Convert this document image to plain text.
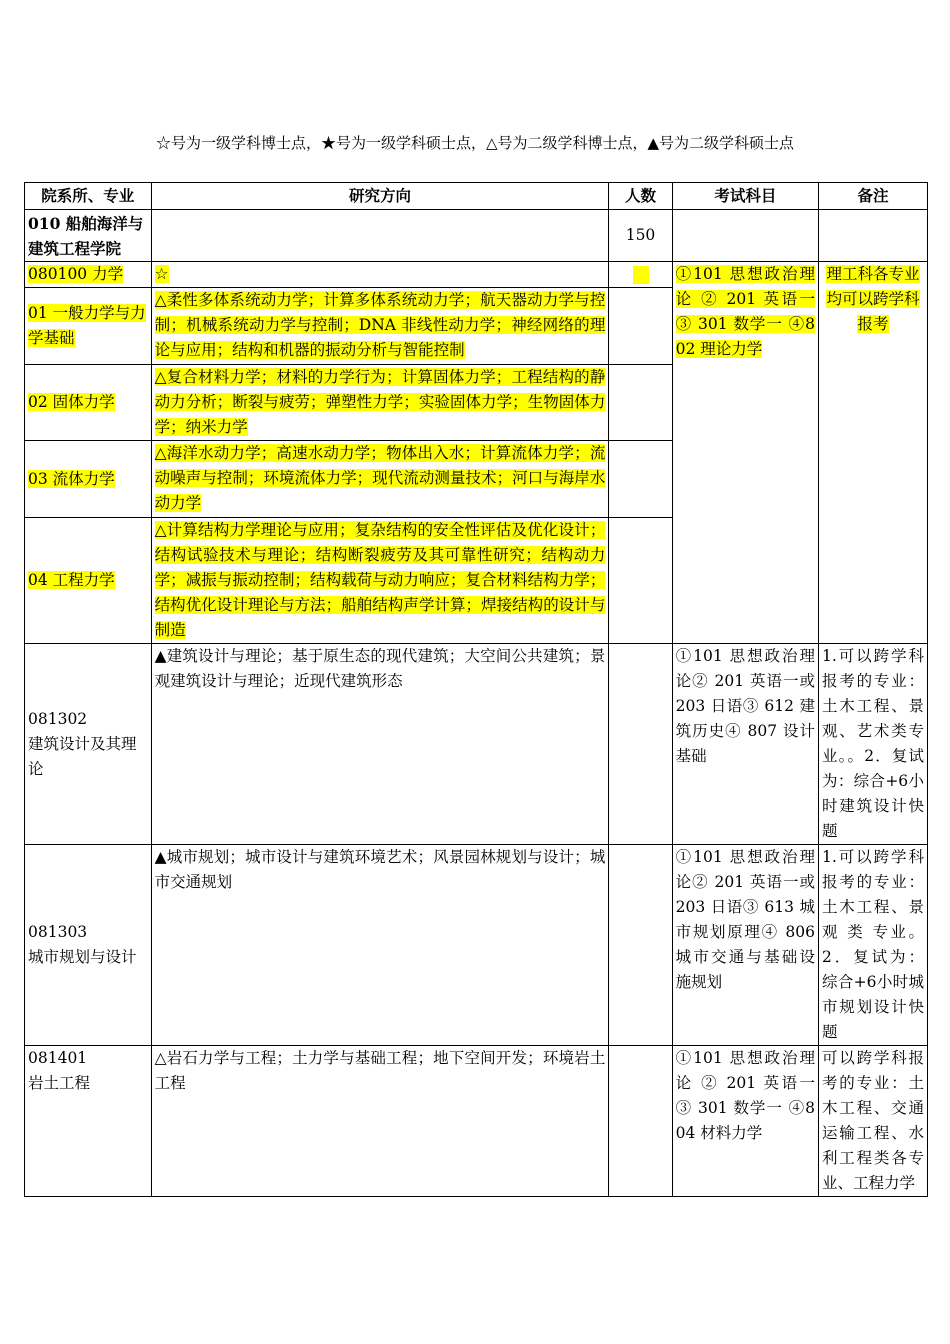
☆号为一级学科博士点，★号为一级学科硕士点，△号为二级学科博士点，▲号为二级学科硕士点
院系所、专业	研究方向	人数	考试科目	备注
010 船舶海洋与建筑工程学院		150		
080100 力学	☆		①101 思想政治理论 ② 201 英语一 ③ 301 数学一 ④802 理论力学	理工科各专业均可以跨学科报考
01 一般力学与力学基础	△柔性多体系统动力学；计算多体系统动力学；航天器动力学与控制；机械系统动力学与控制；DNA 非线性动力学；神经网络的理论与应用；结构和机器的振动分析与智能控制			
02 固体力学	△复合材料力学；材料的力学行为；计算固体力学；工程结构的静动力分析；断裂与疲劳；弹塑性力学；实验固体力学；生物固体力学；纳米力学			
03 流体力学	△海洋水动力学；高速水动力学；物体出入水；计算流体力学；流动噪声与控制；环境流体力学；现代流动测量技术；河口与海岸水动力学			
04 工程力学	△计算结构力学理论与应用；复杂结构的安全性评估及优化设计；结构试验技术与理论；结构断裂疲劳及其可靠性研究；结构动力学；减振与振动控制；结构载荷与动力响应；复合材料结构力学；结构优化设计理论与方法；船舶结构声学计算；焊接结构的设计与制造			

081302
建筑设计及其理论	▲建筑设计与理论；基于原生态的现代建筑；大空间公共建筑；景观建筑设计与理论；近现代建筑形态		①101 思想政治理论② 201 英语一或 203 日语③ 612 建筑历史④ 807 设计基础	1.可以跨学科报考的专业：土木工程、景观、艺术类专业。。2．复试为：综合+6小时建筑设计快题

081303
城市规划与设计	▲城市规划；城市设计与建筑环境艺术；风景园林规划与设计；城市交通规划		①101 思想政治理论② 201 英语一或 203 日语③ 613 城市规划原理④ 806 城市交通与基础设施规划	1.可以跨学科报考的专业：土木工程、景观 类 专业。2．复试为：综合+6小时城市规划设计快题

081401
岩土工程	△岩石力学与工程；土力学与基础工程；地下空间开发；环境岩土工程		①101 思想政治理论 ② 201 英语一 ③ 301 数学一 ④804 材料力学	可以跨学科报考的专业：土木工程、交通运输工程、水利工程类各专业、工程力学
